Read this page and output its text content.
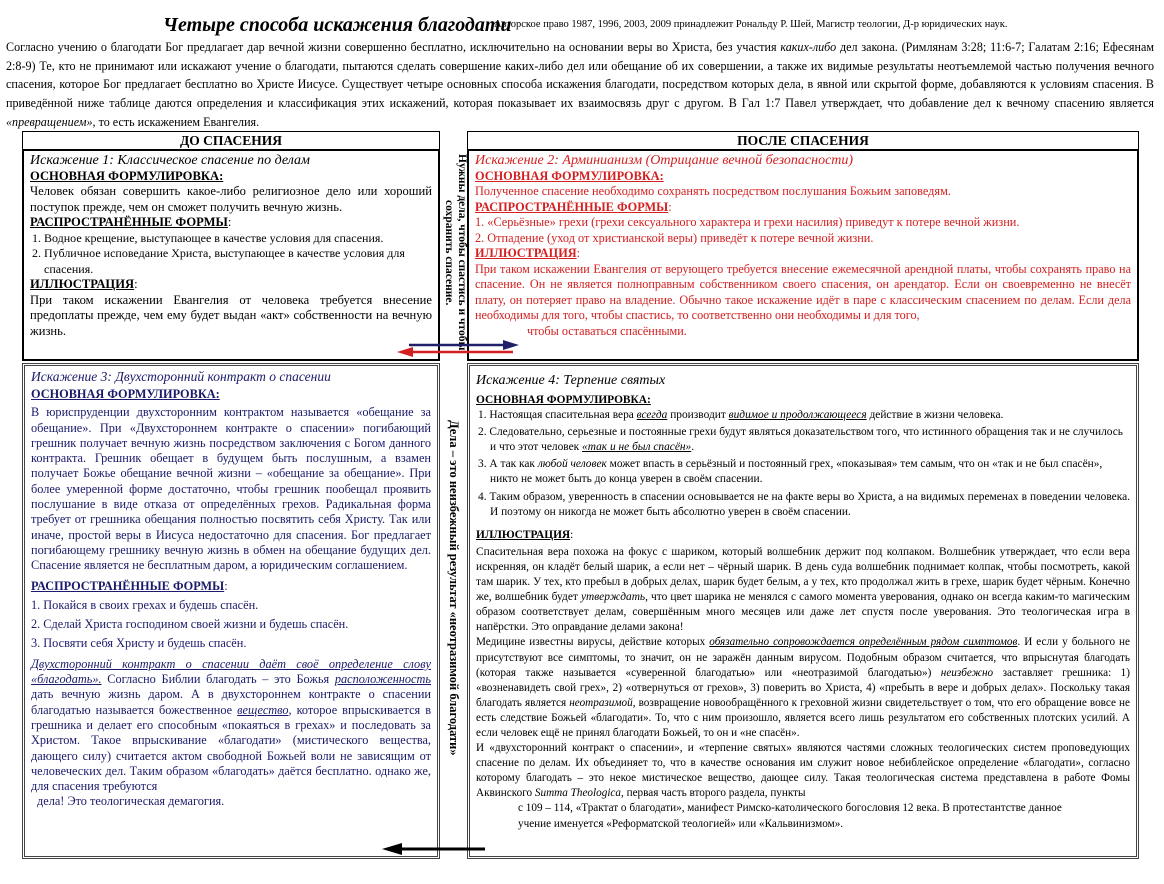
Четыре способа искажения благодати
Авторское право 1987, 1996, 2003, 2009 принадлежит Рональду Р. Шей, Магистр теологии, Д-р юридических наук.
Согласно учению о благодати Бог предлагает дар вечной жизни совершенно бесплатно, исключительно на основании веры во Христа, без участия каких-либо дел закона. (Римлянам 3:28; 11:6-7; Галатам 2:16; Ефесянам 2:8-9) Те, кто не принимают или искажают учение о благодати, пытаются сделать совершение каких-либо дел или обещание об их совершении, а также их видимые результаты неотъемлемой частью получения вечного спасения, которое Бог предлагает бесплатно во Христе Иисусе. Существует четыре основных способа искажения благодати, посредством которых дела, в явной или скрытой форме, добавляются к условиям спасения. В приведённой ниже таблице даются определения и классификация этих искажений, которая показывает их взаимосвязь друг с другом. В Гал 1:7 Павел утверждает, что добавление дел к вечному спасению является «превращением», то есть искажением Евангелия.
ДО СПАСЕНИЯ	ПОСЛЕ СПАСЕНИЯ
Искажение 1: Классическое спасение по делам
ОСНОВНАЯ ФОРМУЛИРОВКА:

Человек обязан совершить какое-либо религиозное дело или хороший поступок прежде, чем он сможет получить вечную жизнь.

РАСПРОСТРАНЁННЫЕ ФОРМЫ:
1. Водное крещение, выступающее в качестве условия для спасения.
2. Публичное исповедание Христа, выступающее в качестве условия для спасения.
ИЛЛЮСТРАЦИЯ:

При таком искажении Евангелия от человека требуется внесение предоплаты прежде, чем ему будет выдан «акт» собственности на вечную жизнь.	Нужны дела, чтобы спастись и чтобы сохранить спасение.
Дела – это неизбежный результат «неотразимой благодати»
Искажение 2: Арминианизм (Отрицание вечной безопасности)
ОСНОВНАЯ ФОРМУЛИРОВКА:

Полученное спасение необходимо сохранять посредством послушания Божьим заповедям.

РАСПРОСТРАНЁННЫЕ ФОРМЫ:
1. «Серьёзные» грехи (грехи сексуального характера и грехи насилия) приведут к потере вечной жизни.
2. Отпадение (уход от христианской веры) приведёт к потере вечной жизни.
ИЛЛЮСТРАЦИЯ:

При таком искажении Евангелия от верующего требуется внесение ежемесячной арендной платы, чтобы сохранять право на спасение. Он не является полноправным собственником своего спасения, он арендатор. Если он своевременно не внесёт плату, он потеряет право на владение. Обычно такое искажение идёт в паре с классическим спасением по делам. Если дела необходимы для того, чтобы спастись, то соответственно они необходимы и для того,

чтобы оставаться спасёнными.

Искажение 3: Двухсторонний контракт о спасении
ОСНОВНАЯ ФОРМУЛИРОВКА:

В юриспруденции двухсторонним контрактом называется «обещание за обещание». При «Двухстороннем контракте о спасении» погибающий грешник получает вечную жизнь посредством заключения с Богом данного контракта. Грешник обещает в будущем быть послушным, а взамен получает Божье обещание вечной жизни – «обещание за обещание». При более умеренной форме достаточно, чтобы грешник пообещал проявить послушание в виде отказа от определённых грехов. Радикальная форма требует от грешника обещания полностью посвятить себя Христу. Так или иначе, простой веры в Иисуса недостаточно для спасения. Бог предлагает погибающему грешнику вечную жизнь в обмен на обещание будущих дел. Спасение является не бесплатным даром, а юридическим соглашением.

РАСПРОСТРАНЁННЫЕ ФОРМЫ:
1. Покайся в своих грехах и будешь спасён.
2. Сделай Христа господином своей жизни и будешь спасён.
3. Посвяти себя Христу и будешь спасён.

Двухсторонний контракт о спасении даёт своё определение слову «благодать». Согласно Библии благодать – это Божья расположенность дать вечную жизнь даром. А в двухстороннем контракте о спасении благодатью называется божественное вещество, которое впрыскивается в грешника и делает его способным «покаяться в грехах» и последовать за Христом. Такое впрыскивание «благодати» (мистического вещества, дающего силу) считается актом свободной Божьей воли не зависящим от человеческих дел. Таким образом «благодать» даётся бесплатно. однако же, для спасения требуются

дела! Это теологическая демагогия.
Искажение 4: Терпение святых
ОСНОВНАЯ ФОРМУЛИРОВКА:
1. Настоящая спасительная вера всегда производит видимое и продолжающееся действие в жизни человека.
2. Следовательно, серьезные и постоянные грехи будут являться доказательством того, что истинного обращения так и не случилось и что этот человек «так и не был спасён».
3. А так как любой человек может впасть в серьёзный и постоянный грех, «показывая» тем самым, что он «так и не был спасён», никто не может быть до конца уверен в своём спасении.
4. Таким образом, уверенность в спасении основывается не на факте веры во Христа, а на видимых переменах в поведении человека. И поэтому он никогда не может быть абсолютно уверен в своём спасении.
ИЛЛЮСТРАЦИЯ:

Спасительная вера похожа на фокус с шариком, который волшебник держит под колпаком. Волшебник утверждает, что если вера искренняя, он кладёт белый шарик, а если нет – чёрный шарик. В день суда волшебник поднимает колпак, чтобы посмотреть, какой там шарик. У тех, кто пребыл в добрых делах, шарик будет белым, а у тех, кто продолжал жить в грехе, шарик будет чёрным. Конечно же, волшебник будет утверждать, что цвет шарика не менялся с самого момента уверования, однако он всегда каким-то магическим образом соответствует делам, совершённым много месяцев или даже лет спустя после уверования. Это теологическая игра в напёрстки. Это оправдание делами закона!

Медицине известны вирусы, действие которых обязательно сопровождается определённым рядом симптомов. И если у больного не присутствуют все симптомы, то значит, он не заражён данным вирусом. Подобным образом считается, что впрыснутая благодать (которая также называется «суверенной благодатью» или «неотразимой благодатью») неизбежно заставляет грешника: 1) «возненавидеть свой грех», 2) «отвернуться от грехов», 3) поверить во Христа, 4) «пребыть в вере и добрых делах». Поскольку такая благодать является неотразимой, возвращение новообращённого к греховной жизни свидетельствует о том, что его обращение вовсе не есть следствие Божьей «благодати». То, что с ним произошло, является всего лишь результатом его собственных плотских усилий. А если человек ещё не принял благодати Божьей, то он и «не спасён».

И «двухсторонний контракт о спасении», и «терпение святых» являются частями сложных теологических систем проповедующих спасение по делам. Их объединяет то, что в качестве основания им служит новое небиблейское определение «благодати», согласно которому благодать – это некое мистическое вещество, дающее силу. Такая теологическая система представлена в работе Фомы Аквинского Summa Theologica, первая часть второго раздела, пункты

с 109 – 114, «Трактат о благодати», манифест Римско-католического богословия 12 века. В протестантстве данное

учение именуется «Реформатской теологией» или «Кальвинизмом».
